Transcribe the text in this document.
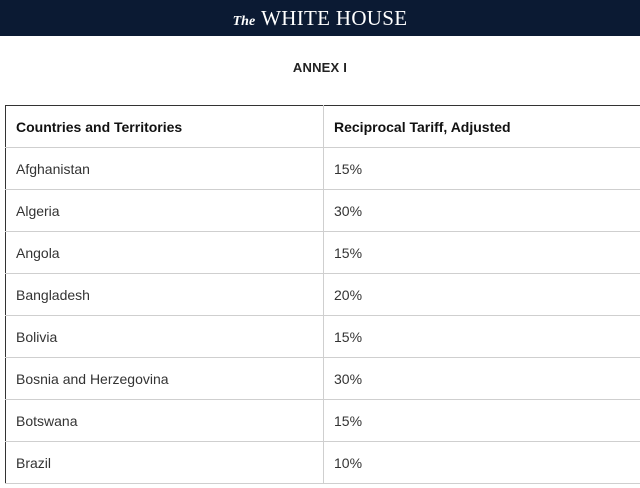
The WHITE HOUSE
ANNEX I
Countries and Territories	Reciprocal Tariff, Adjusted
Afghanistan	15%
Algeria	30%
Angola	15%
Bangladesh	20%
Bolivia	15%
Bosnia and Herzegovina	30%
Botswana	15%
Brazil	10%
